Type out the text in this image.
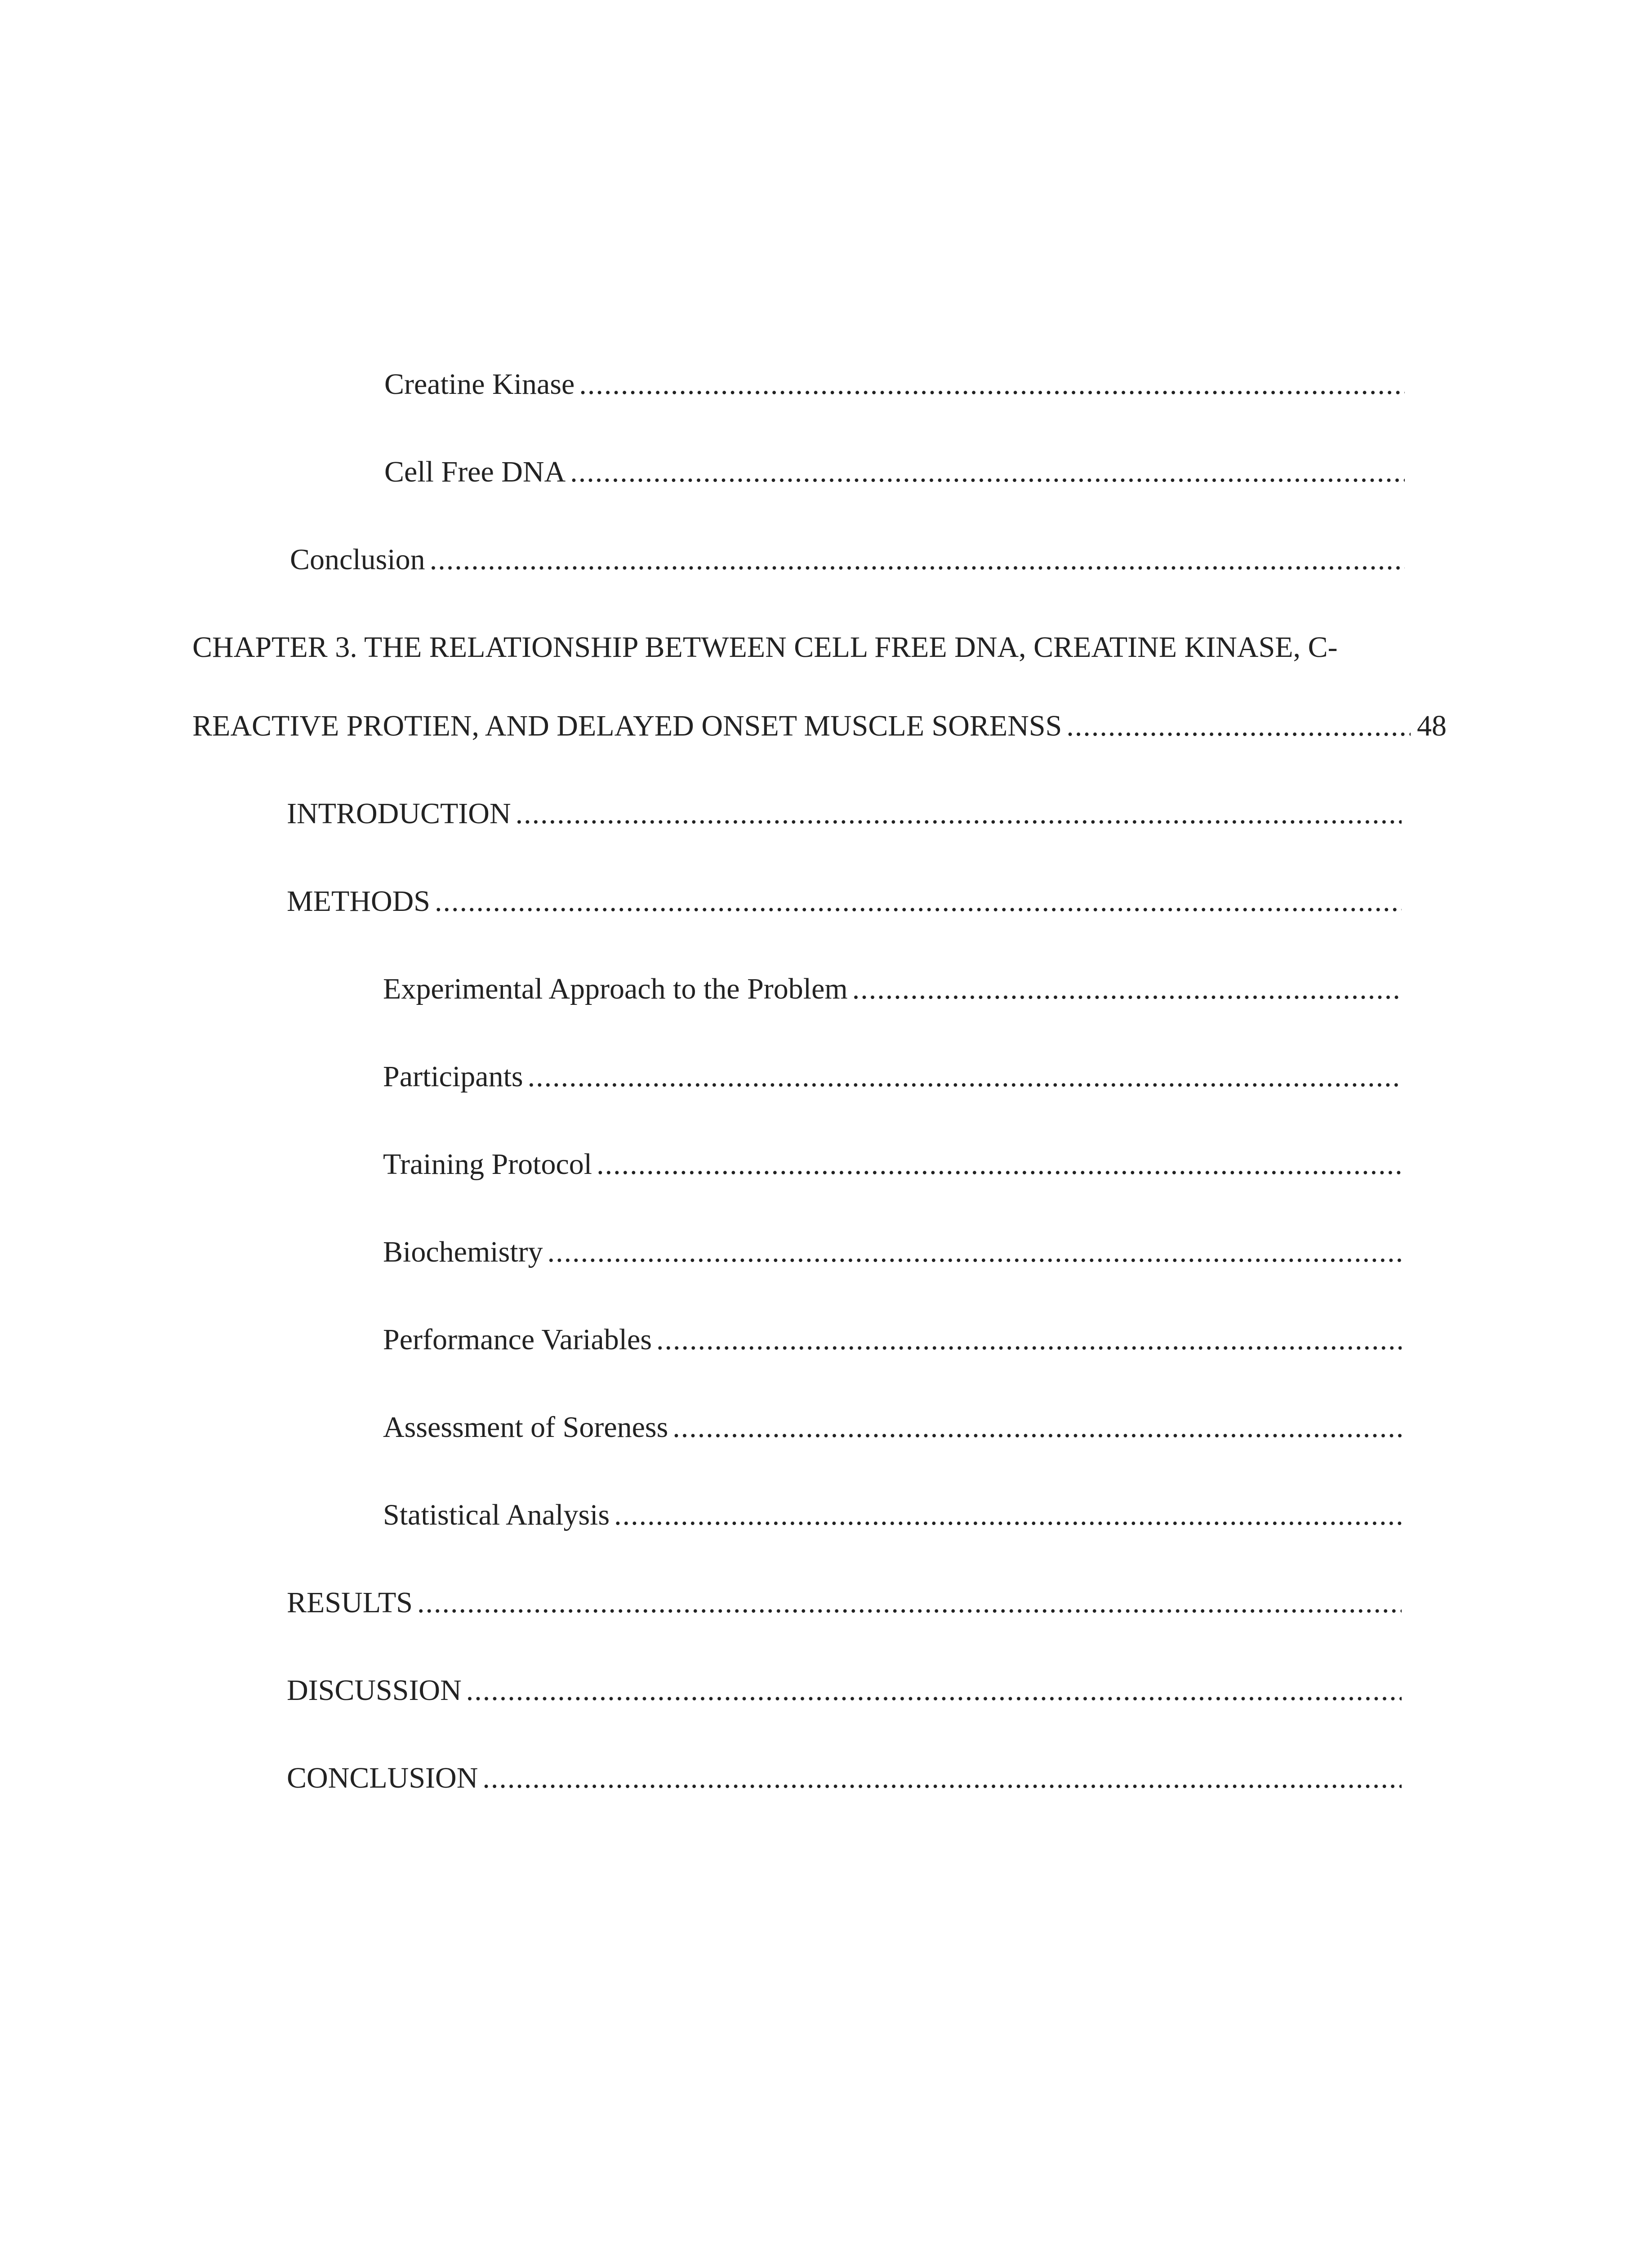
Creatine Kinase
.....
Cell Free DNA
.....
Conclusion
.....
CHAPTER 3. THE RELATIONSHIP BETWEEN CELL FREE DNA, CREATINE KINASE, C-
REACTIVE PROTIEN, AND DELAYED ONSET MUSCLE SORENSS
.....	48
INTRODUCTION
.....
METHODS
.....
Experimental Approach to the Problem
.....
Participants
.....
Training Protocol
.....
Biochemistry
.....
Performance Variables
.....
Assessment of Soreness
.....
Statistical Analysis
.....
RESULTS
.....
DISCUSSION
.....
CONCLUSION
.....
